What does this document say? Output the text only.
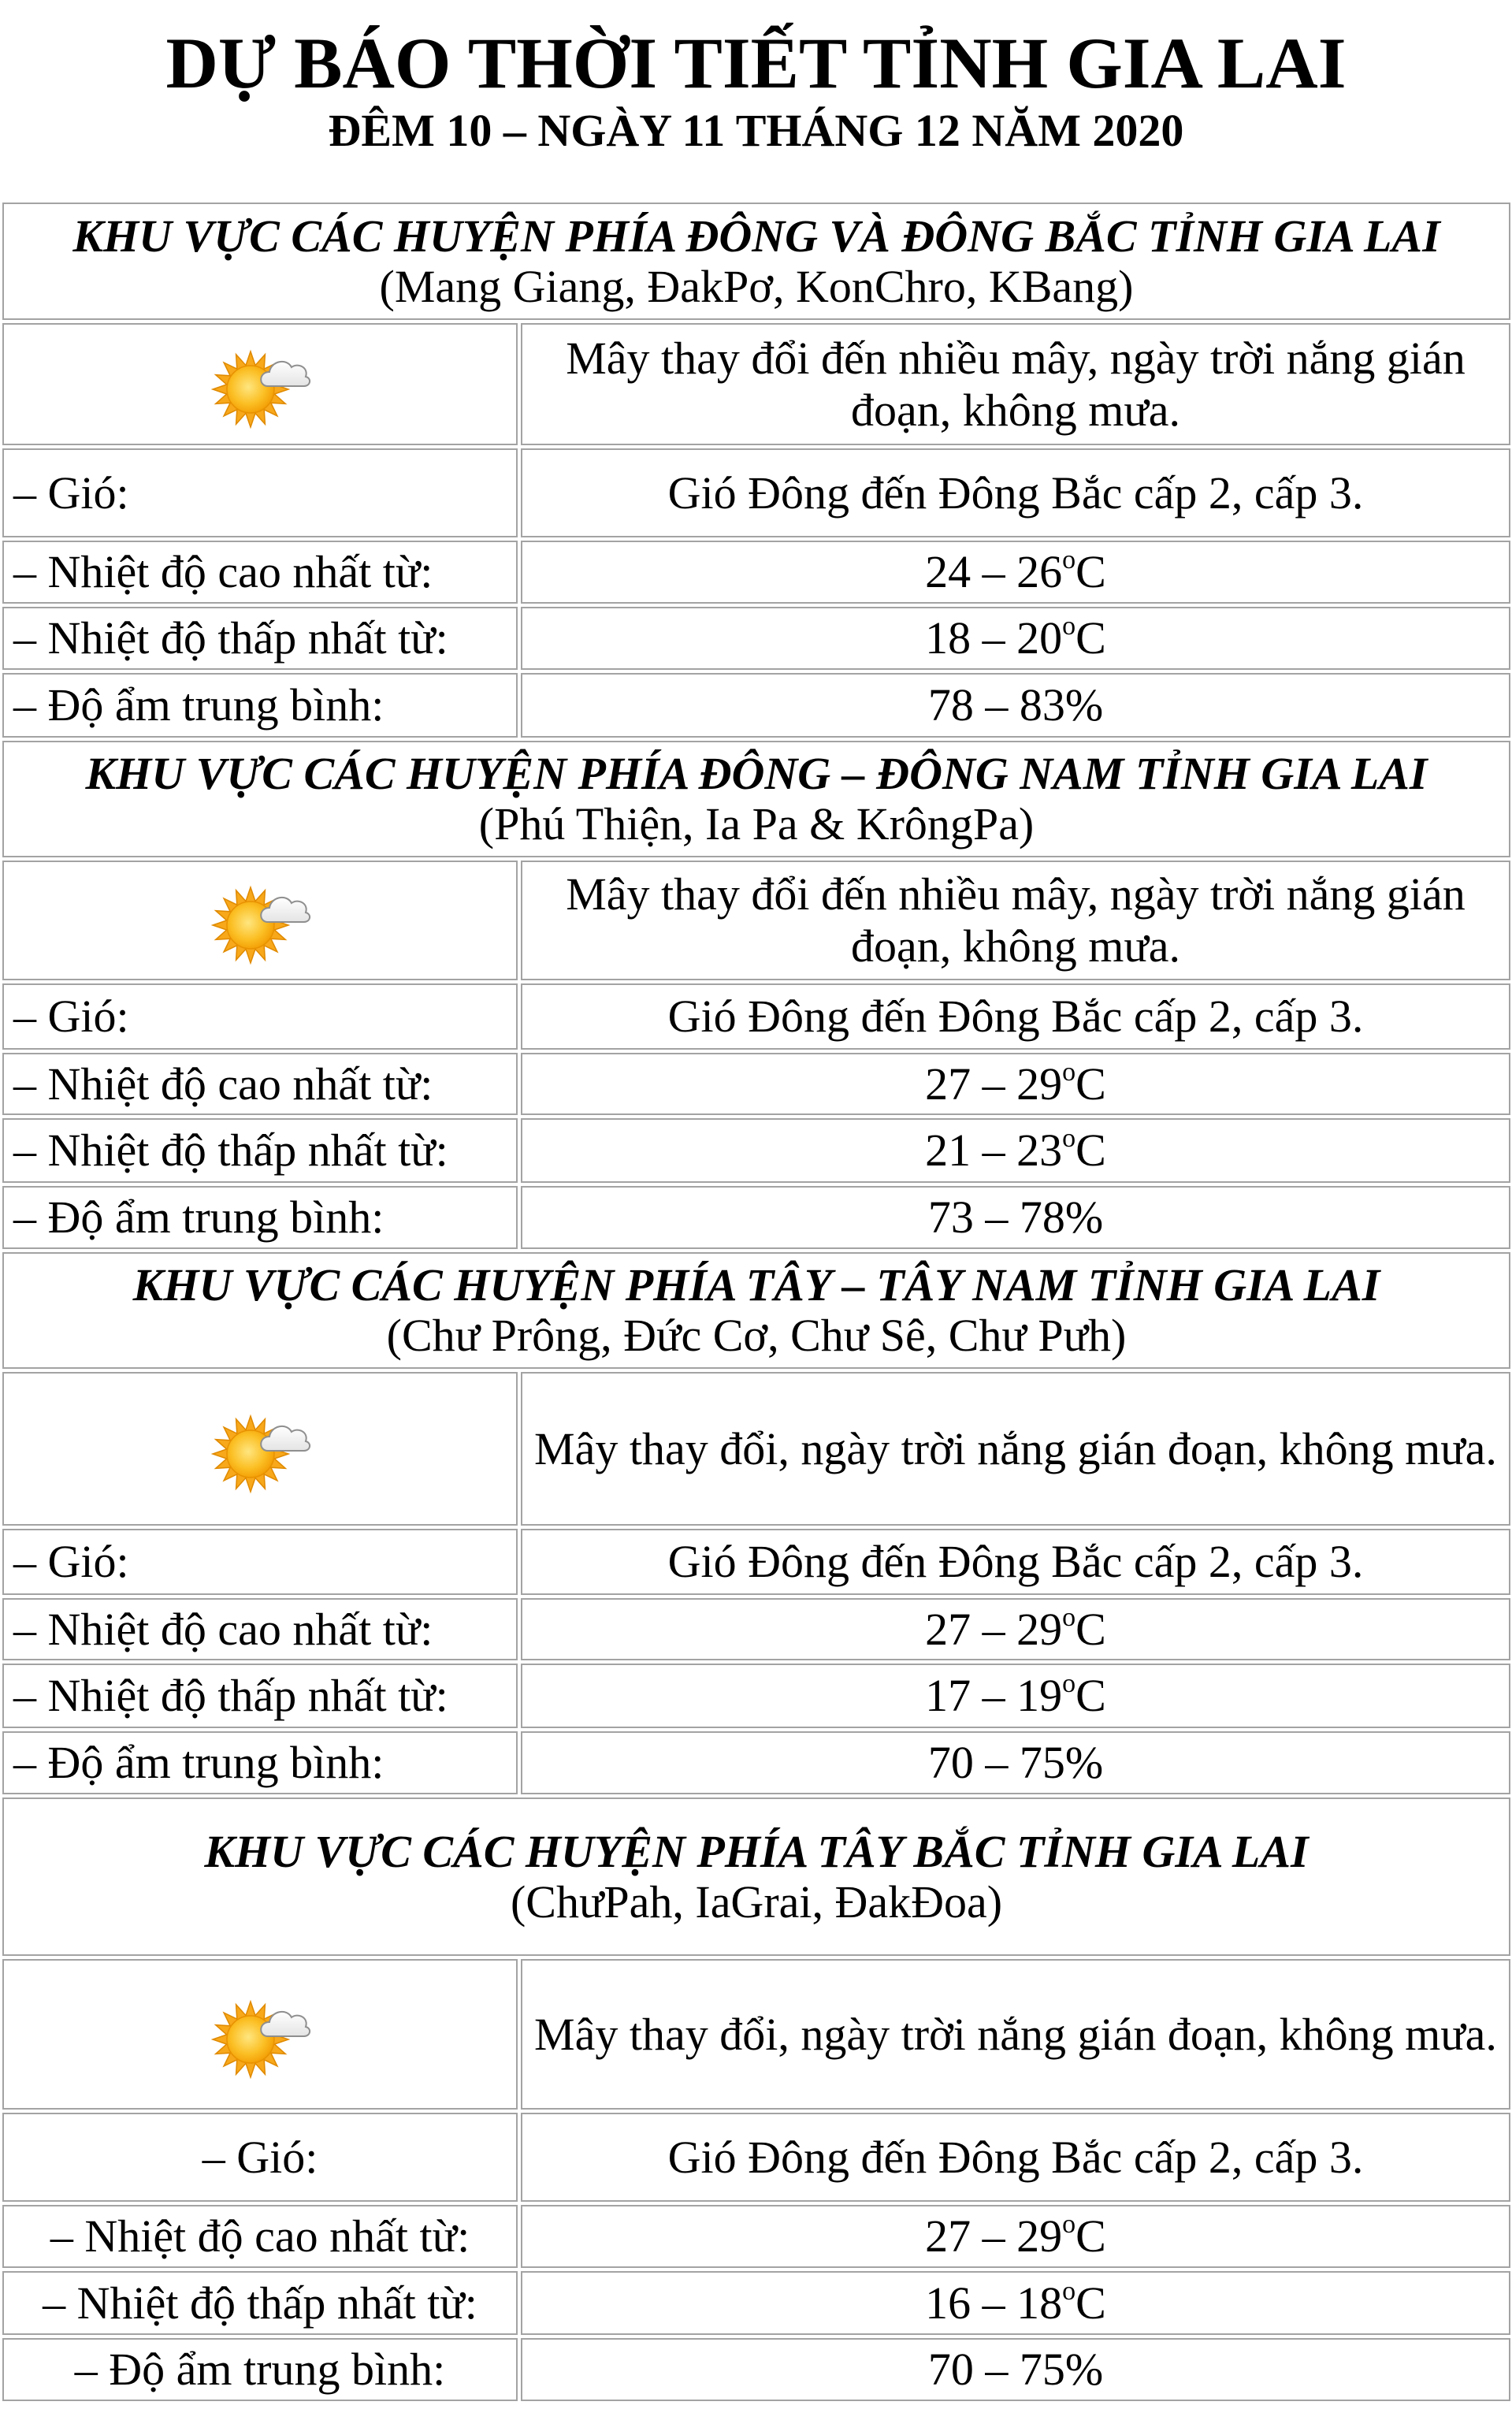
DỰ BÁO THỜI TIẾT TỈNH GIA LAI
ĐÊM 10 – NGÀY 11 THÁNG 12 NĂM 2020
KHU VỰC CÁC HUYỆN PHÍA ĐÔNG VÀ ĐÔNG BẮC TỈNH GIA LAI
(Mang Giang, ĐakPơ, KonChro, KBang)
Mây thay đổi đến nhiều mây, ngày trời nắng gián
đoạn, không mưa.
– Gió:	Gió Đông đến Đông Bắc cấp 2, cấp 3.
– Nhiệt độ cao nhất từ:	24 – 26$^o$C
– Nhiệt độ thấp nhất từ:	18 – 20$^o$C
– Độ ẩm trung bình:	78 – 83%
KHU VỰC CÁC HUYỆN PHÍA ĐÔNG – ĐÔNG NAM TỈNH GIA LAI
(Phú Thiện, Ia Pa & KrôngPa)
Mây thay đổi đến nhiều mây, ngày trời nắng gián
đoạn, không mưa.
– Gió:	Gió Đông đến Đông Bắc cấp 2, cấp 3.
– Nhiệt độ cao nhất từ:	27 – 29$^o$C
– Nhiệt độ thấp nhất từ:	21 – 23$^o$C
– Độ ẩm trung bình:	73 – 78%
KHU VỰC CÁC HUYỆN PHÍA TÂY – TÂY NAM TỈNH GIA LAI
(Chư Prông, Đức Cơ, Chư Sê, Chư Pưh)
Mây thay đổi, ngày trời nắng gián đoạn, không mưa.
– Gió:	Gió Đông đến Đông Bắc cấp 2, cấp 3.
– Nhiệt độ cao nhất từ:	27 – 29$^o$C
– Nhiệt độ thấp nhất từ:	17 – 19$^o$C
– Độ ẩm trung bình:	70 – 75%
KHU VỰC CÁC HUYỆN PHÍA TÂY BẮC TỈNH GIA LAI
(ChưPah, IaGrai, ĐakĐoa)
Mây thay đổi, ngày trời nắng gián đoạn, không mưa.
– Gió:	Gió Đông đến Đông Bắc cấp 2, cấp 3.
– Nhiệt độ cao nhất từ:	27 – 29$^o$C
– Nhiệt độ thấp nhất từ:	16 – 18$^o$C
– Độ ẩm trung bình:	70 – 75%
